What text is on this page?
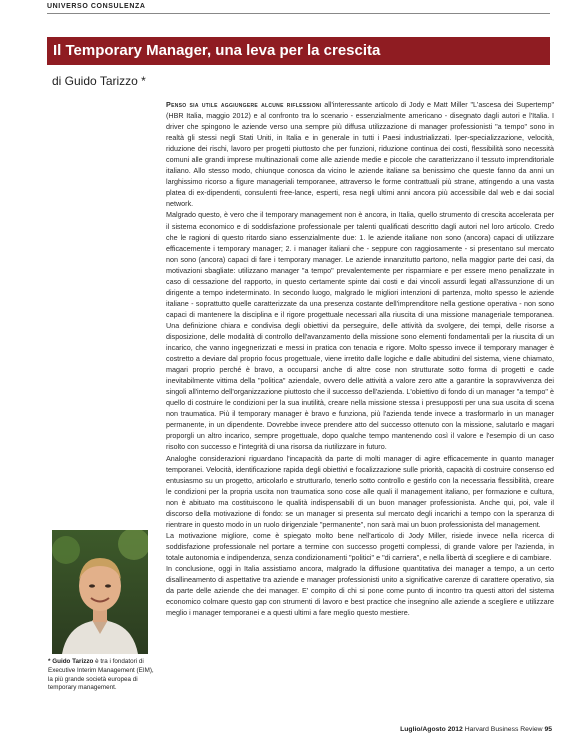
UNIVERSO CONSULENZA
Il Temporary Manager, una leva per la crescita
di Guido Tarizzo *

Penso sia utile aggiungere alcune riflessioni all'interessante articolo di Jody e Matt Miller "L'ascesa dei Supertemp" (HBR Italia, maggio 2012) e al confronto tra lo scenario - essenzialmente americano - disegnato dagli autori e l'Italia. I driver che spingono le aziende verso una sempre più diffusa utilizzazione di manager professionisti "a tempo" sono in realtà gli stessi negli Stati Uniti, in Italia e in generale in tutti i Paesi industrializzati. Iper-specializzazione, velocità, riduzione dei rischi, lavoro per progetti piuttosto che per funzioni, riduzione continua dei costi, flessibilità sono necessità comuni alle grandi imprese multinazionali come alle aziende medie e piccole che caratterizzano il tessuto imprenditoriale italiano. Allo stesso modo, chiunque conosca da vicino le aziende italiane sa benissimo che queste fanno da anni un larghissimo ricorso a figure manageriali temporanee, attraverso le forme contrattuali più strane, attingendo a una vasta platea di ex-dipendenti, consulenti free-lance, esperti, resa negli ultimi anni ancora più accessibile dal web e dai social network.

Malgrado questo, è vero che il temporary management non è ancora, in Italia, quello strumento di crescita accelerata per il sistema economico e di soddisfazione professionale per talenti qualificati descritto dagli autori nel loro articolo. Credo che le ragioni di questo ritardo siano essenzialmente due: 1. le aziende italiane non sono (ancora) capaci di utilizzare efficacemente i temporary manager; 2. i manager italiani che - seppure con raggiosamente - si presentano sul mercato non sono (ancora) capaci di fare i temporary manager. Le aziende innanzitutto partono, nella maggior parte dei casi, da motivazioni sbagliate: utilizzano manager "a tempo" prevalentemente per risparmiare e per essere meno penalizzate in caso di cessazione del rapporto, in questo certamente spinte dai costi e dai vincoli assurdi legati all'assunzione di un dirigente a tempo indeterminato. In secondo luogo, malgrado le migliori intenzioni di partenza, molto spesso le aziende italiane - soprattutto quelle caratterizzate da una presenza costante dell'imprenditore nella gestione operativa - non sono capaci di mantenere la disciplina e il rigore progettuale necessari alla riuscita di una missione manageriale temporanea. Una definizione chiara e condivisa degli obiettivi da perseguire, delle attività da svolgere, dei tempi, delle risorse a disposizione, delle modalità di controllo dell'avanzamento della missione sono elementi fondamentali per la riuscita di un incarico, che vanno ingegnerizzati e messi in pratica con tenacia e rigore. Molto spesso invece il temporary manager è costretto a deviare dal proprio focus progettuale, viene irretito dalle logiche e dalle abitudini del sistema, viene chiamato, magari proprio perché è bravo, a occuparsi anche di altre cose non strutturate sotto forma di progetti e cade inevitabilmente vittima della "politica" aziendale, ovvero delle attività a valore zero atte a garantire la sopravvivenza dei singoli all'interno dell'organizzazione piuttosto che il successo dell'azienda. L'obiettivo di fondo di un manager "a tempo" è quello di costruire le condizioni per la sua inutilità, creare nella missione stessa i presupposti per una sua uscita di scena non traumatica. Più il temporary manager è bravo e funziona, più l'azienda tende invece a trasformarlo in un manager permanente, in un dipendente. Dovrebbe invece prendere atto del successo ottenuto con la missione, salutarlo e magari proporgli un altro incarico, sempre progettuale, dopo qualche tempo mantenendo così il valore e l'esempio di un caso risolto con successo e l'integrità di una risorsa da riutilizzare in futuro.

Analoghe considerazioni riguardano l'incapacità da parte di molti manager di agire efficacemente in quanto manager temporanei. Velocità, identificazione rapida degli obiettivi e focalizzazione sulle priorità, capacità di costruire consenso ed entusiasmo su un progetto, articolarlo e strutturarlo, tenerlo sotto controllo e gestirlo con la necessaria flessibilità, creare le condizioni per la propria uscita non traumatica sono cose alle quali il management italiano, per formazione e cultura, non è abituato ma costituiscono le qualità indispensabili di un buon manager professionista. Anche qui, poi, vale il discorso della motivazione di fondo: se un manager si presenta sul mercato degli incarichi a tempo con la speranza di rientrare in questo modo in un ruolo dirigenziale "permanente", non sarà mai un buon professionista del management.

La motivazione migliore, come è spiegato molto bene nell'articolo di Jody Miller, risiede invece nella ricerca di soddisfazione professionale nel portare a termine con successo progetti complessi, di grande valore per l'azienda, in totale autonomia e indipendenza, senza condizionamenti "politici" e "di carriera", e nella libertà di scegliere e di cambiare.

In conclusione, oggi in Italia assistiamo ancora, malgrado la diffusione quantitativa dei manager a tempo, a un certo disallineamento di aspettative tra aziende e manager professionisti unito a significative carenze di carattere operativo, sia da parte delle aziende che dei manager. E' compito di chi si pone come punto di incontro tra questi attori del sistema economico colmare questo gap con strumenti di lavoro e best practice che insegnino alle aziende a scegliere e utilizzare meglio i manager temporanei e a questi ultimi a fare meglio questo mestiere.

* Guido Tarizzo è tra i fondatori di Executive Interim Management (EIM), la più grande società europea di temporary management.
Luglio/Agosto 2012 Harvard Business Review 95
